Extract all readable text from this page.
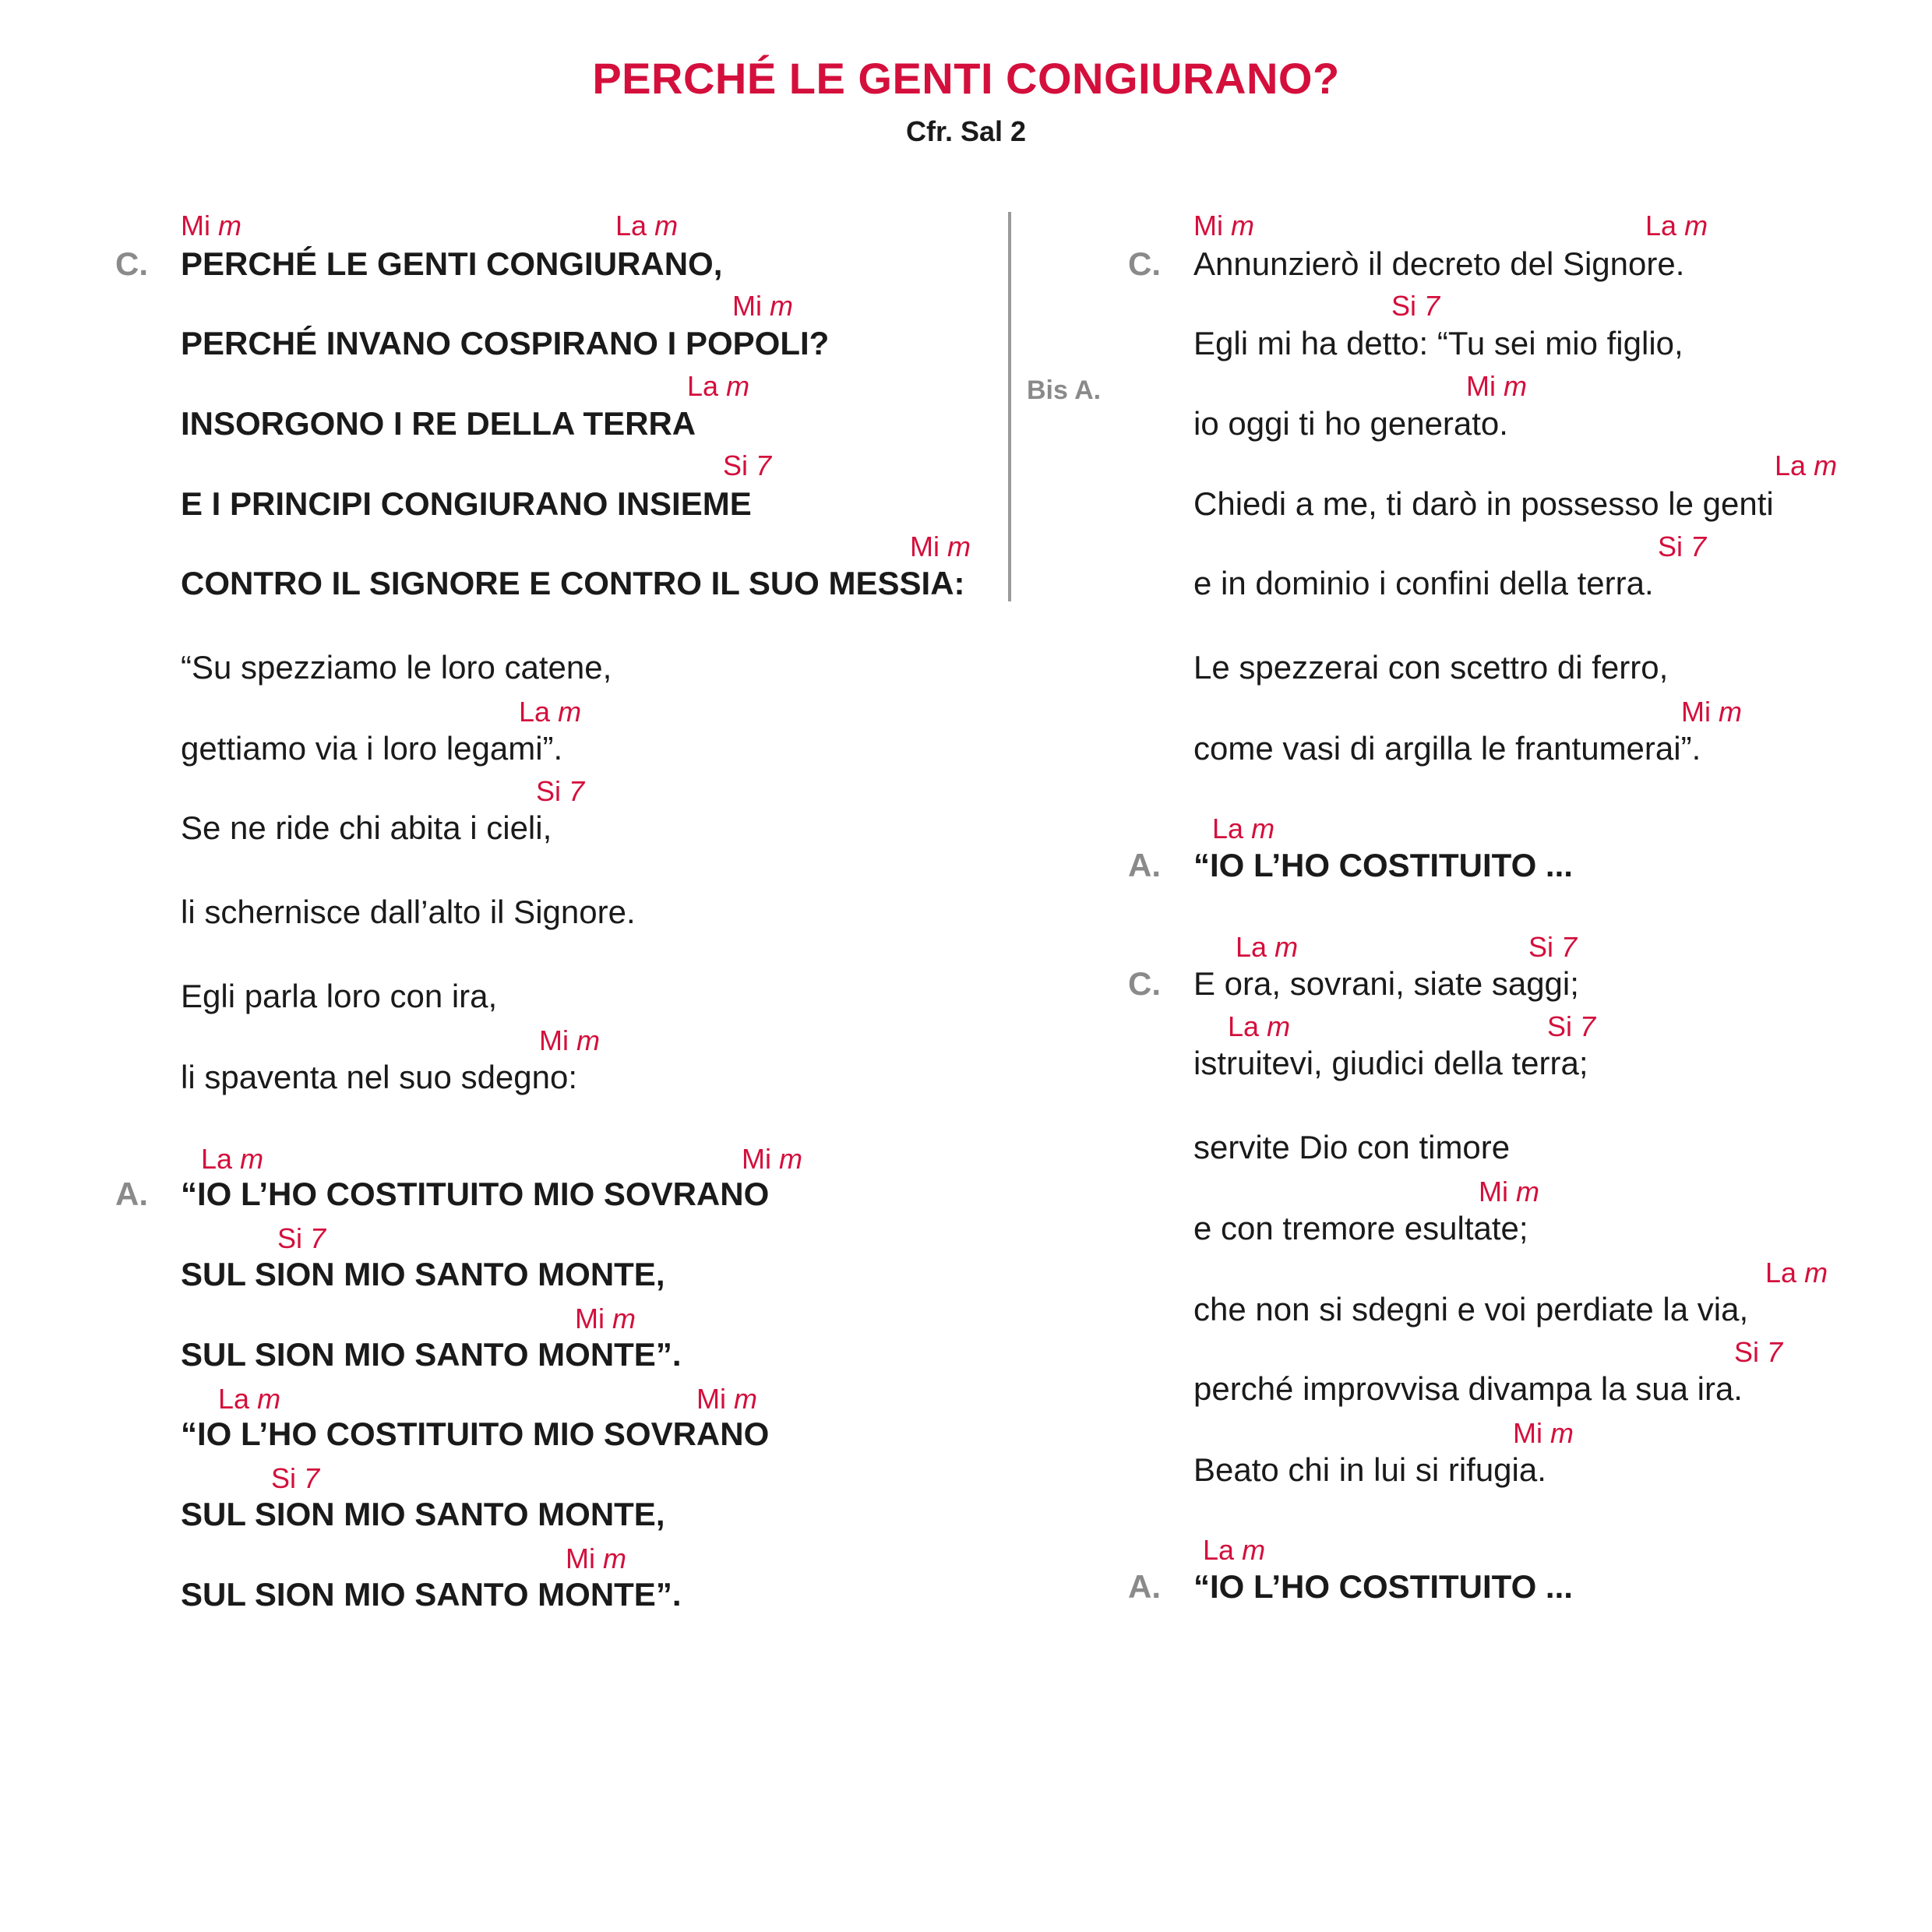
PERCHÉ LE GENTI CONGIURANO?
Cfr. Sal 2
Mi m	La m
C. PERCHÉ LE GENTI CONGIURANO,
Mi m
PERCHÉ INVANO COSPIRANO I POPOLI?
La m
INSORGONO I RE DELLA TERRA
Si 7
E I PRINCIPI CONGIURANO INSIEME
Mi m
CONTRO IL SIGNORE E CONTRO IL SUO MESSIA:
“Su spezziamo le loro catene,
La m
gettiamo via i loro legami”.
Si 7
Se ne ride chi abita i cieli,
li schernisce dall’alto il Signore.
Egli parla loro con ira,
Mi m
li spaventa nel suo sdegno:
La m	Mi m
A. “IO L’HO COSTITUITO MIO SOVRANO
Si 7
SUL SION MIO SANTO MONTE,
Mi m
SUL SION MIO SANTO MONTE”.
La m	Mi m
“IO L’HO COSTITUITO MIO SOVRANO
Si 7
SUL SION MIO SANTO MONTE,
Mi m
SUL SION MIO SANTO MONTE”.
Bis A.
Mi m	La m
C. Annunzierò il decreto del Signore.
Si 7
Egli mi ha detto: “Tu sei mio figlio,
Mi m
io oggi ti ho generato.
La m
Chiedi a me, ti darò in possesso le genti
Si 7
e in dominio i confini della terra.
Le spezzerai con scettro di ferro,
Mi m
come vasi di argilla le frantumerai”.
La m
A. “IO L’HO COSTITUITO ...
La m	Si 7
C. E ora, sovrani, siate saggi;
La m	Si 7
istruitevi, giudici della terra;
servite Dio con timore
Mi m
e con tremore esultate;
La m
che non si sdegni e voi perdiate la via,
Si 7
perché improvvisa divampa la sua ira.
Mi m
Beato chi in lui si rifugia.
La m
A. “IO L’HO COSTITUITO ...
